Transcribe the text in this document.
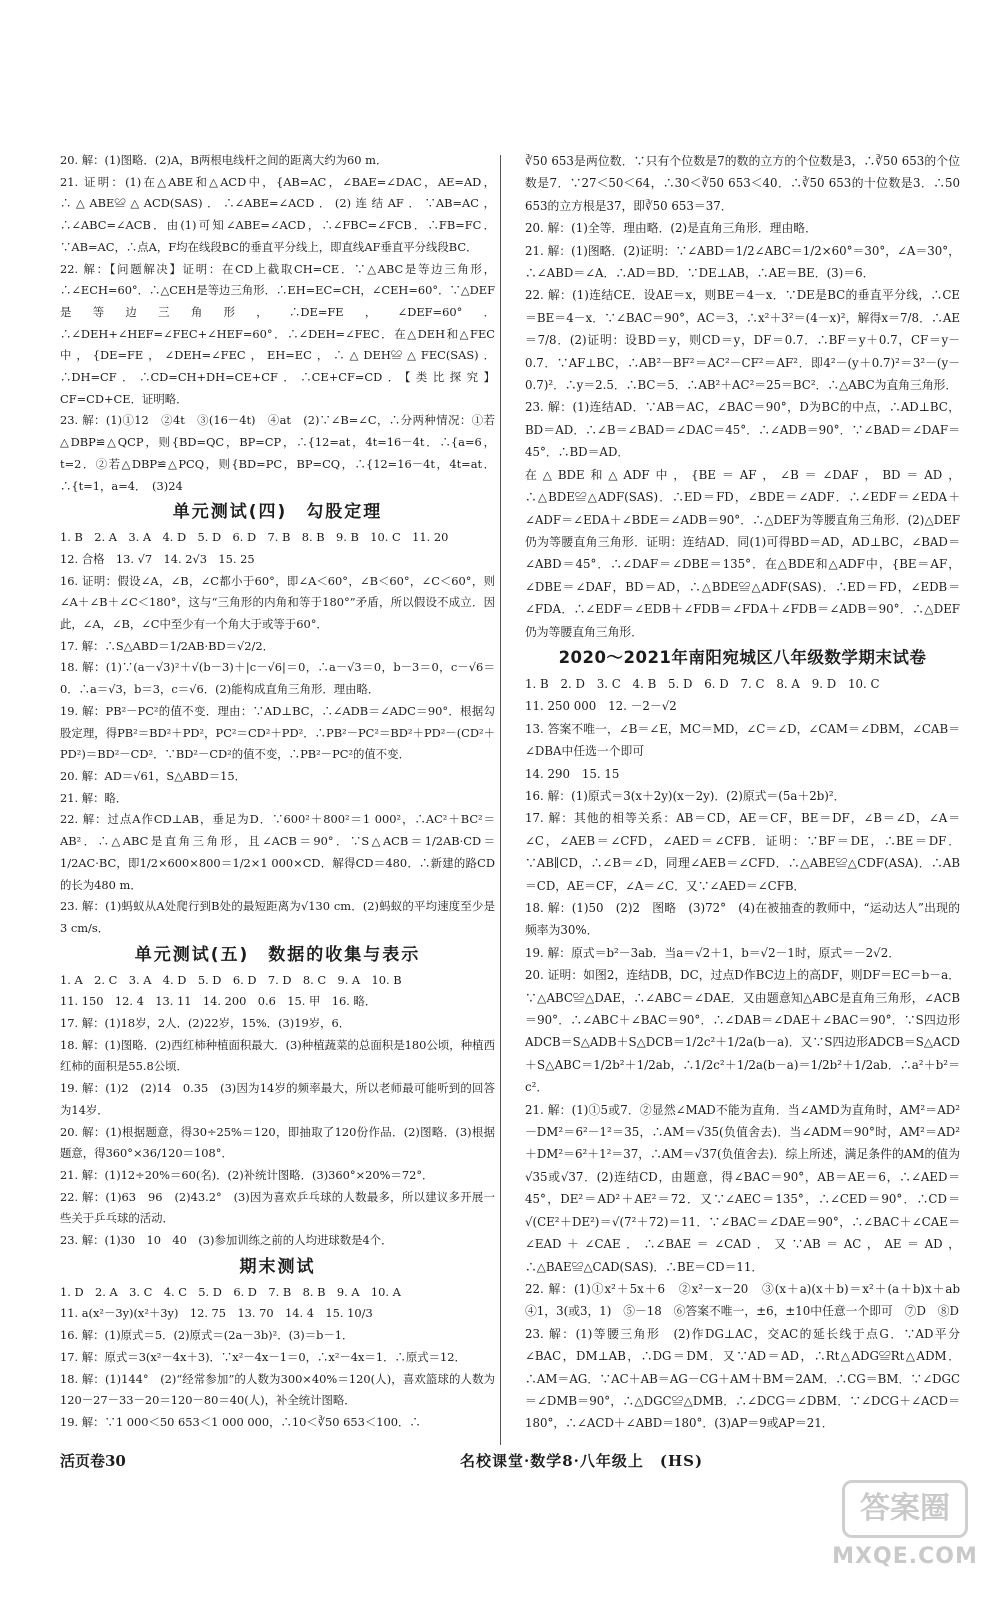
20. 解：(1)图略．(2)A，B两根电线杆之间的距离大约为60 m．

21. 证明：(1)在△ABE和△ACD中，{AB=AC，∠BAE=∠DAC，AE=AD，∴△ABE≌△ACD(SAS)．∴∠ABE=∠ACD．(2)连结AF．∵AB=AC，∴∠ABC=∠ACB．由(1)可知∠ABE=∠ACD，∴∠FBC=∠FCB．∴FB=FC．∵AB=AC，∴点A，F均在线段BC的垂直平分线上，即直线AF垂直平分线段BC．

22. 解：【问题解决】证明：在CD上截取CH=CE．∵△ABC是等边三角形，∴∠ECH=60°．∴△CEH是等边三角形．∴EH=EC=CH，∠CEH=60°．∵△DEF是等边三角形，∴DE=FE，∠DEF=60°．∴∠DEH+∠HEF=∠FEC+∠HEF=60°．∴∠DEH=∠FEC．在△DEH和△FEC中，{DE=FE，∠DEH=∠FEC，EH=EC，∴△DEH≌△FEC(SAS)．∴DH=CF．∴CD=CH+DH=CE+CF．∴CE+CF=CD．【类比探究】CF=CD+CE．证明略．

23. 解：(1)①12　②4t　③(16－4t)　④at　(2)∵∠B=∠C，∴分两种情况：①若△DBP≌△QCP，则{BD=QC，BP=CP，∴{12=at，4t=16－4t．∴{a=6，t=2．②若△DBP≌△PCQ，则{BD=PC，BP=CQ，∴{12=16－4t，4t=at．∴{t=1，a=4．　(3)24

单元测试(四)　勾股定理

1. B　2. A　3. A　4. D　5. D　6. D　7. B　8. B　9. B　10. C　11. 20

12. 合格　13. √7　14. 2√3　15. 25

16. 证明：假设∠A，∠B，∠C都小于60°，即∠A＜60°，∠B＜60°，∠C＜60°，则∠A＋∠B＋∠C＜180°，这与“三角形的内角和等于180°”矛盾，所以假设不成立．因此，∠A，∠B，∠C中至少有一个角大于或等于60°．

17. 解：∴S△ABD＝1/2AB·BD＝√2/2．

18. 解：(1)∵(a－√3)²＋√(b－3)＋|c－√6|＝0，∴a－√3＝0，b－3＝0，c－√6＝0．∴a＝√3，b＝3，c＝√6．(2)能构成直角三角形．理由略．

19. 解：PB²－PC²的值不变．理由：∵AD⊥BC，∴∠ADB＝∠ADC＝90°．根据勾股定理，得PB²＝BD²＋PD²，PC²＝CD²＋PD²．∴PB²－PC²＝BD²＋PD²－(CD²＋PD²)＝BD²－CD²．∵BD²－CD²的值不变，∴PB²－PC²的值不变．

20. 解：AD＝√61，S△ABD＝15．

21. 解：略．

22. 解：过点A作CD⊥AB，垂足为D．∵600²＋800²＝1 000²，∴AC²＋BC²＝AB²．∴△ABC是直角三角形，且∠ACB＝90°．∵S△ACB＝1/2AB·CD＝1/2AC·BC，即1/2×600×800＝1/2×1 000×CD．解得CD＝480．∴新建的路CD的长为480 m．

23. 解：(1)蚂蚁从A处爬行到B处的最短距离为√130 cm．(2)蚂蚁的平均速度至少是3 cm/s．

单元测试(五)　数据的收集与表示

1. A　2. C　3. A　4. D　5. D　6. D　7. D　8. C　9. A　10. B

11. 150　12. 4　13. 11　14. 200　0.6　15. 甲　16. 略．

17. 解：(1)18岁，2人．(2)22岁，15%．(3)19岁，6．

18. 解：(1)图略．(2)西红柿种植面积最大．(3)种植蔬菜的总面积是180公顷，种植西红柿的面积是55.8公顷．

19. 解：(1)2　(2)14　0.35　(3)因为14岁的频率最大，所以老师最可能听到的回答为14岁．

20. 解：(1)根据题意，得30÷25%＝120，即抽取了120份作品．(2)图略．(3)根据题意，得360°×36/120＝108°．

21. 解：(1)12÷20%＝60(名)．(2)补统计图略．(3)360°×20%＝72°．

22. 解：(1)63　96　(2)43.2°　(3)因为喜欢乒乓球的人数最多，所以建议多开展一些关于乒乓球的活动．

23. 解：(1)30　10　40　(3)参加训练之前的人均进球数是4个．

期末测试

1. D　2. A　3. C　4. C　5. D　6. D　7. B　8. B　9. A　10. A

11. a(x²－3y)(x²＋3y)　12. 75　13. 70　14. 4　15. 10/3

16. 解：(1)原式＝5．(2)原式＝(2a－3b)²．(3)＝b－1．

17. 解：原式＝3(x²－4x＋3)．∵x²－4x－1＝0，∴x²－4x＝1．∴原式＝12．

18. 解：(1)144°　(2)“经常参加”的人数为300×40%＝120(人)，喜欢篮球的人数为120－27－33－20＝120－80＝40(人)，补全统计图略．

19. 解：∵1 000＜50 653＜1 000 000，∴10＜∛50 653＜100．∴

∛50 653是两位数．∵只有个位数是7的数的立方的个位数是3，∴∛50 653的个位数是7．∵27＜50＜64，∴30＜∛50 653＜40．∴∛50 653的十位数是3．∴50 653的立方根是37，即∛50 653＝37．

20. 解：(1)全等．理由略．(2)是直角三角形．理由略．

21. 解：(1)图略．(2)证明：∵∠ABD＝1/2∠ABC＝1/2×60°＝30°，∠A＝30°，∴∠ABD＝∠A．∴AD＝BD．∵DE⊥AB，∴AE＝BE．(3)＝6．

22. 解：(1)连结CE．设AE＝x，则BE＝4－x．∵DE是BC的垂直平分线，∴CE＝BE＝4－x．∵∠BAC＝90°，AC＝3，∴x²＋3²＝(4－x)²，解得x＝7/8．∴AE＝7/8．(2)证明：设BD＝y，则CD＝y，DF＝0.7．∴BF＝y＋0.7，CF＝y－0.7．∵AF⊥BC，∴AB²－BF²＝AC²－CF²＝AF²．即4²－(y＋0.7)²＝3²－(y－0.7)²．∴y＝2.5．∴BC＝5．∴AB²＋AC²＝25＝BC²．∴△ABC为直角三角形．

23. 解：(1)连结AD．∵AB＝AC，∠BAC＝90°，D为BC的中点，∴AD⊥BC，BD＝AD．∴∠B＝∠BAD＝∠DAC＝45°．∴∠ADB＝90°．∵∠BAD＝∠DAF＝45°．∴BD＝AD．

在△BDE和△ADF中，{BE＝AF，∠B＝∠DAF，BD＝AD，∴△BDE≌△ADF(SAS)．∴ED＝FD，∠BDE＝∠ADF．∴∠EDF＝∠EDA＋∠ADF＝∠EDA＋∠BDE＝∠ADB＝90°．∴△DEF为等腰直角三角形．(2)△DEF仍为等腰直角三角形．证明：连结AD．同(1)可得BD＝AD，AD⊥BC，∠BAD＝∠ABD＝45°．∴∠DAF＝∠DBE＝135°．在△BDE和△ADF中，{BE＝AF，∠DBE＝∠DAF，BD＝AD，∴△BDE≌△ADF(SAS)．∴ED＝FD，∠EDB＝∠FDA．∴∠EDF＝∠EDB＋∠FDB＝∠FDA＋∠FDB＝∠ADB＝90°．∴△DEF仍为等腰直角三角形．

2020～2021年南阳宛城区八年级数学期末试卷

1. B　2. D　3. C　4. B　5. D　6. D　7. C　8. A　9. D　10. C

11. 250 000　12. －2－√2

13. 答案不唯一，∠B＝∠E，MC＝MD，∠C＝∠D，∠CAM＝∠DBM，∠CAB＝∠DBA中任选一个即可

14. 290　15. 15

16. 解：(1)原式＝3(x＋2y)(x－2y)．(2)原式＝(5a＋2b)²．

17. 解：其他的相等关系：AB＝CD，AE＝CF，BE＝DF，∠B＝∠D，∠A＝∠C，∠AEB＝∠CFD，∠AED＝∠CFB．证明：∵BF＝DE，∴BE＝DF．∵AB∥CD，∴∠B＝∠D，同理∠AEB＝∠CFD．∴△ABE≌△CDF(ASA)．∴AB＝CD，AE＝CF，∠A＝∠C．又∵∠AED＝∠CFB．

18. 解：(1)50　(2)2　图略　(3)72°　(4)在被抽查的教师中，“运动达人”出现的频率为30%．

19. 解：原式＝b²－3ab．当a＝√2＋1，b＝√2－1时，原式＝－2√2．

20. 证明：如图2，连结DB，DC，过点D作BC边上的高DF，则DF＝EC＝b－a．∵△ABC≌△DAE，∴∠ABC＝∠DAE．又由题意知△ABC是直角三角形，∠ACB＝90°．∴∠ABC＋∠BAC＝90°．∴∠DAB＝∠DAE＋∠BAC＝90°．∵S四边形ADCB＝S△ADB＋S△DCB＝1/2c²＋1/2a(b－a)．又∵S四边形ADCB＝S△ACD＋S△ABC＝1/2b²＋1/2ab，∴1/2c²＋1/2a(b－a)＝1/2b²＋1/2ab．∴a²＋b²＝c²．

21. 解：(1)①5或7．②显然∠MAD不能为直角．当∠AMD为直角时，AM²＝AD²－DM²＝6²－1²＝35，∴AM＝√35(负值舍去)．当∠ADM＝90°时，AM²＝AD²＋DM²＝6²＋1²＝37，∴AM＝√37(负值舍去)．综上所述，满足条件的AM的值为√35或√37．(2)连结CD，由题意，得∠BAC＝90°，AB＝AE＝6，∴∠AED＝45°，DE²＝AD²＋AE²＝72．又∵∠AEC＝135°，∴∠CED＝90°．∴CD＝√(CE²＋DE²)＝√(7²＋72)＝11．∵∠BAC＝∠DAE＝90°，∴∠BAC＋∠CAE＝∠EAD＋∠CAE．∴∠BAE＝∠CAD．又∵AB＝AC，AE＝AD，∴△BAE≌△CAD(SAS)．∴BE＝CD＝11．

22. 解：(1)①x²＋5x＋6　②x²－x－20　③(x＋a)(x＋b)＝x²＋(a＋b)x＋ab　④1，3(或3，1)　⑤－18　⑥答案不唯一，±6，±10中任意一个即可　⑦D　⑧D

23. 解：(1)等腰三角形　(2)作DG⊥AC，交AC的延长线于点G．∵AD平分∠BAC，DM⊥AB，∴DG＝DM．又∵AD＝AD，∴Rt△ADG≌Rt△ADM．∴AM＝AG．∵AC＋AB＝AG－CG＋AM＋BM＝2AM．∴CG＝BM．∵∠DGC＝∠DMB＝90°，∴△DGC≌△DMB．∴∠DCG＝∠DBM．∵∠DCG＋∠ACD＝180°，∴∠ACD＋∠ABD＝180°．(3)AP＝9或AP＝21．

活页卷30	名校课堂·数学8·八年级上　(HS)
答案圈
MXQE.COM
